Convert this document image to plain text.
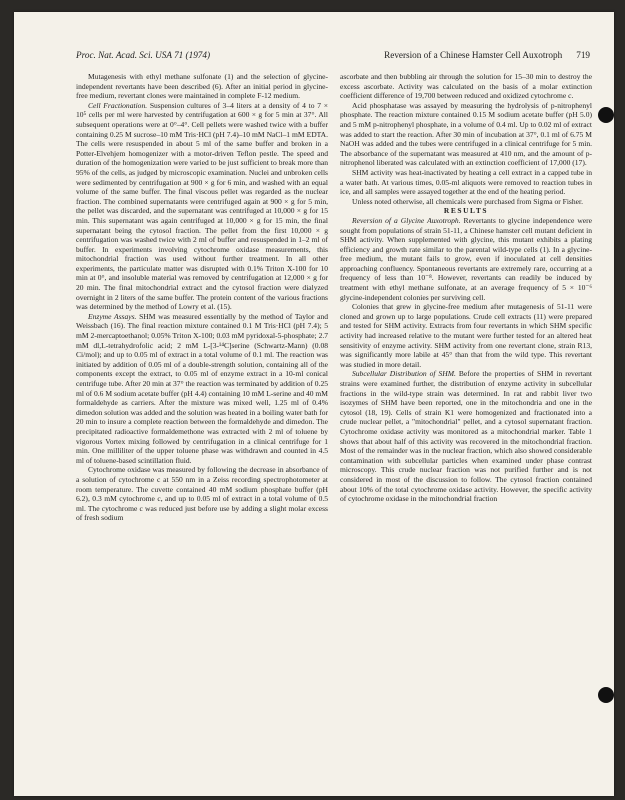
Proc. Nat. Acad. Sci. USA 71 (1974)	Reversion of a Chinese Hamster Cell Auxotroph 719

Mutagenesis with ethyl methane sulfonate (1) and the selection of glycine-independent revertants have been described (6). After an initial period in glycine-free medium, revertant clones were maintained in complete F-12 medium.

Cell Fractionation. Suspension cultures of 3–4 liters at a density of 4 to 7 × 10⁵ cells per ml were harvested by centrifugation at 600 × g for 5 min at 37°. All subsequent operations were at 0°–4°. Cell pellets were washed twice with a buffer containing 0.25 M sucrose–10 mM Tris·HCl (pH 7.4)–10 mM NaCl–1 mM EDTA. The cells were resuspended in about 5 ml of the same buffer and broken in a Potter-Elvehjem homogenizer with a motor-driven Teflon pestle. The speed and duration of the homogenization were varied to be just sufficient to break more than 95% of the cells, as judged by microscopic examination. Nuclei and unbroken cells were sedimented by centrifugation at 900 × g for 6 min, and washed with an equal volume of the same buffer. The final viscous pellet was regarded as the nuclear fraction. The combined supernatants were centrifuged again at 900 × g for 5 min, the pellet was discarded, and the supernatant was centrifuged at 10,000 × g for 15 min. This supernatant was again centrifuged at 10,000 × g for 15 min, the final supernatant being the cytosol fraction. The pellet from the first 10,000 × g centrifugation was washed twice with 2 ml of buffer and resuspended in 1–2 ml of buffer. In experiments involving cytochrome oxidase measurements, this mitochondrial fraction was used without further treatment. In all other experiments, the particulate matter was disrupted with 0.1% Triton X-100 for 10 min at 0°, and insoluble material was removed by centrifugation at 12,000 × g for 20 min. The final mitochondrial extract and the cytosol fraction were dialyzed overnight in 2 liters of the same buffer. The protein content of the various fractions was determined by the method of Lowry et al. (15).

Enzyme Assays. SHM was measured essentially by the method of Taylor and Weissbach (16). The final reaction mixture contained 0.1 M Tris·HCl (pH 7.4); 5 mM 2-mercaptoethanol; 0.05% Triton X-100; 0.03 mM pyridoxal-5-phosphate; 2.7 mM dl,L-tetrahydrofolic acid; 2 mM L-[3-¹⁴C]serine (Schwartz-Mann) (0.08 Ci/mol); and up to 0.05 ml of extract in a total volume of 0.1 ml. The reaction was initiated by addition of 0.05 ml of a double-strength solution, containing all of the components except the extract, to 0.05 ml of enzyme extract in a 10-ml conical centrifuge tube. After 20 min at 37° the reaction was terminated by addition of 0.25 ml of 0.6 M sodium acetate buffer (pH 4.4) containing 10 mM L-serine and 40 mM formaldehyde as carriers. After the mixture was mixed well, 1.25 ml of 0.4% dimedon solution was added and the solution was heated in a boiling water bath for 20 min to insure a complete reaction between the formaldehyde and dimedon. The precipitated radioactive formaldemethone was extracted with 2 ml of toluene by vigorous Vortex mixing followed by centrifugation in a clinical centrifuge for 1 min. One milliliter of the upper toluene phase was withdrawn and counted in 4.5 ml of toluene-based scintillation fluid.

Cytochrome oxidase was measured by following the decrease in absorbance of a solution of cytochrome c at 550 nm in a Zeiss recording spectrophotometer at room temperature. The cuvette contained 40 mM sodium phosphate buffer (pH 6.2), 0.3 mM cytochrome c, and up to 0.05 ml of extract in a total volume of 0.5 ml. The cytochrome c was reduced just before use by adding a slight molar excess of fresh sodium

ascorbate and then bubbling air through the solution for 15–30 min to destroy the excess ascorbate. Activity was calculated on the basis of a molar extinction coefficient difference of 19,700 between reduced and oxidized cytochrome c.

Acid phosphatase was assayed by measuring the hydrolysis of p-nitrophenyl phosphate. The reaction mixture contained 0.15 M sodium acetate buffer (pH 5.0) and 5 mM p-nitrophenyl phosphate, in a volume of 0.4 ml. Up to 0.02 ml of extract was added to start the reaction. After 30 min of incubation at 37°, 0.1 ml of 6.75 M NaOH was added and the tubes were centrifuged in a clinical centrifuge for 5 min. The absorbance of the supernatant was measured at 410 nm, and the amount of p-nitrophenol liberated was calculated with an extinction coefficient of 17,000 (17).

SHM activity was heat-inactivated by heating a cell extract in a capped tube in a water bath. At various times, 0.05-ml aliquots were removed to reaction tubes in ice, and all samples were assayed together at the end of the heating period.

Unless noted otherwise, all chemicals were purchased from Sigma or Fisher.

RESULTS

Reversion of a Glycine Auxotroph. Revertants to glycine independence were sought from populations of strain 51-11, a Chinese hamster cell mutant deficient in SHM activity. When supplemented with glycine, this mutant exhibits a plating efficiency and growth rate similar to the parental wild-type cells (1). In a glycine-free medium, the mutant fails to grow, even if inoculated at cell densities approaching confluency. Spontaneous revertants are extremely rare, occurring at a frequency of less than 10⁻⁸. However, revertants can readily be induced by treatment with ethyl methane sulfonate, at an average frequency of 5 × 10⁻⁶ glycine-independent colonies per surviving cell.

Colonies that grew in glycine-free medium after mutagenesis of 51-11 were cloned and grown up to large populations. Crude cell extracts (11) were prepared and tested for SHM activity. Extracts from four revertants in which SHM specific activity had increased relative to the mutant were further tested for an altered heat sensitivity of enzyme activity. SHM activity from one revertant clone, strain R13, was significantly more labile at 45° than that from the wild type. This revertant was studied in more detail.

Subcellular Distribution of SHM. Before the properties of SHM in revertant strains were examined further, the distribution of enzyme activity in subcellular fractions in the wild-type strain was determined. In rat and rabbit liver two isozymes of SHM have been reported, one in the mitochondria and one in the cytosol (18, 19). Cells of strain K1 were homogenized and fractionated into a crude nuclear pellet, a "mitochondrial" pellet, and a cytosol supernatant fraction. Cytochrome oxidase activity was monitored as a mitochondrial marker. Table 1 shows that about half of this activity was recovered in the mitochondrial fraction. Most of the remainder was in the nuclear fraction, which also showed considerable contamination with subcellular particles when examined under phase contrast microscopy. This crude nuclear fraction was not purified further and is not considered in most of the discussion to follow. The cytosol fraction contained about 10% of the total cytochrome oxidase activity. However, the specific activity of cytochrome oxidase in the mitochondrial fraction
